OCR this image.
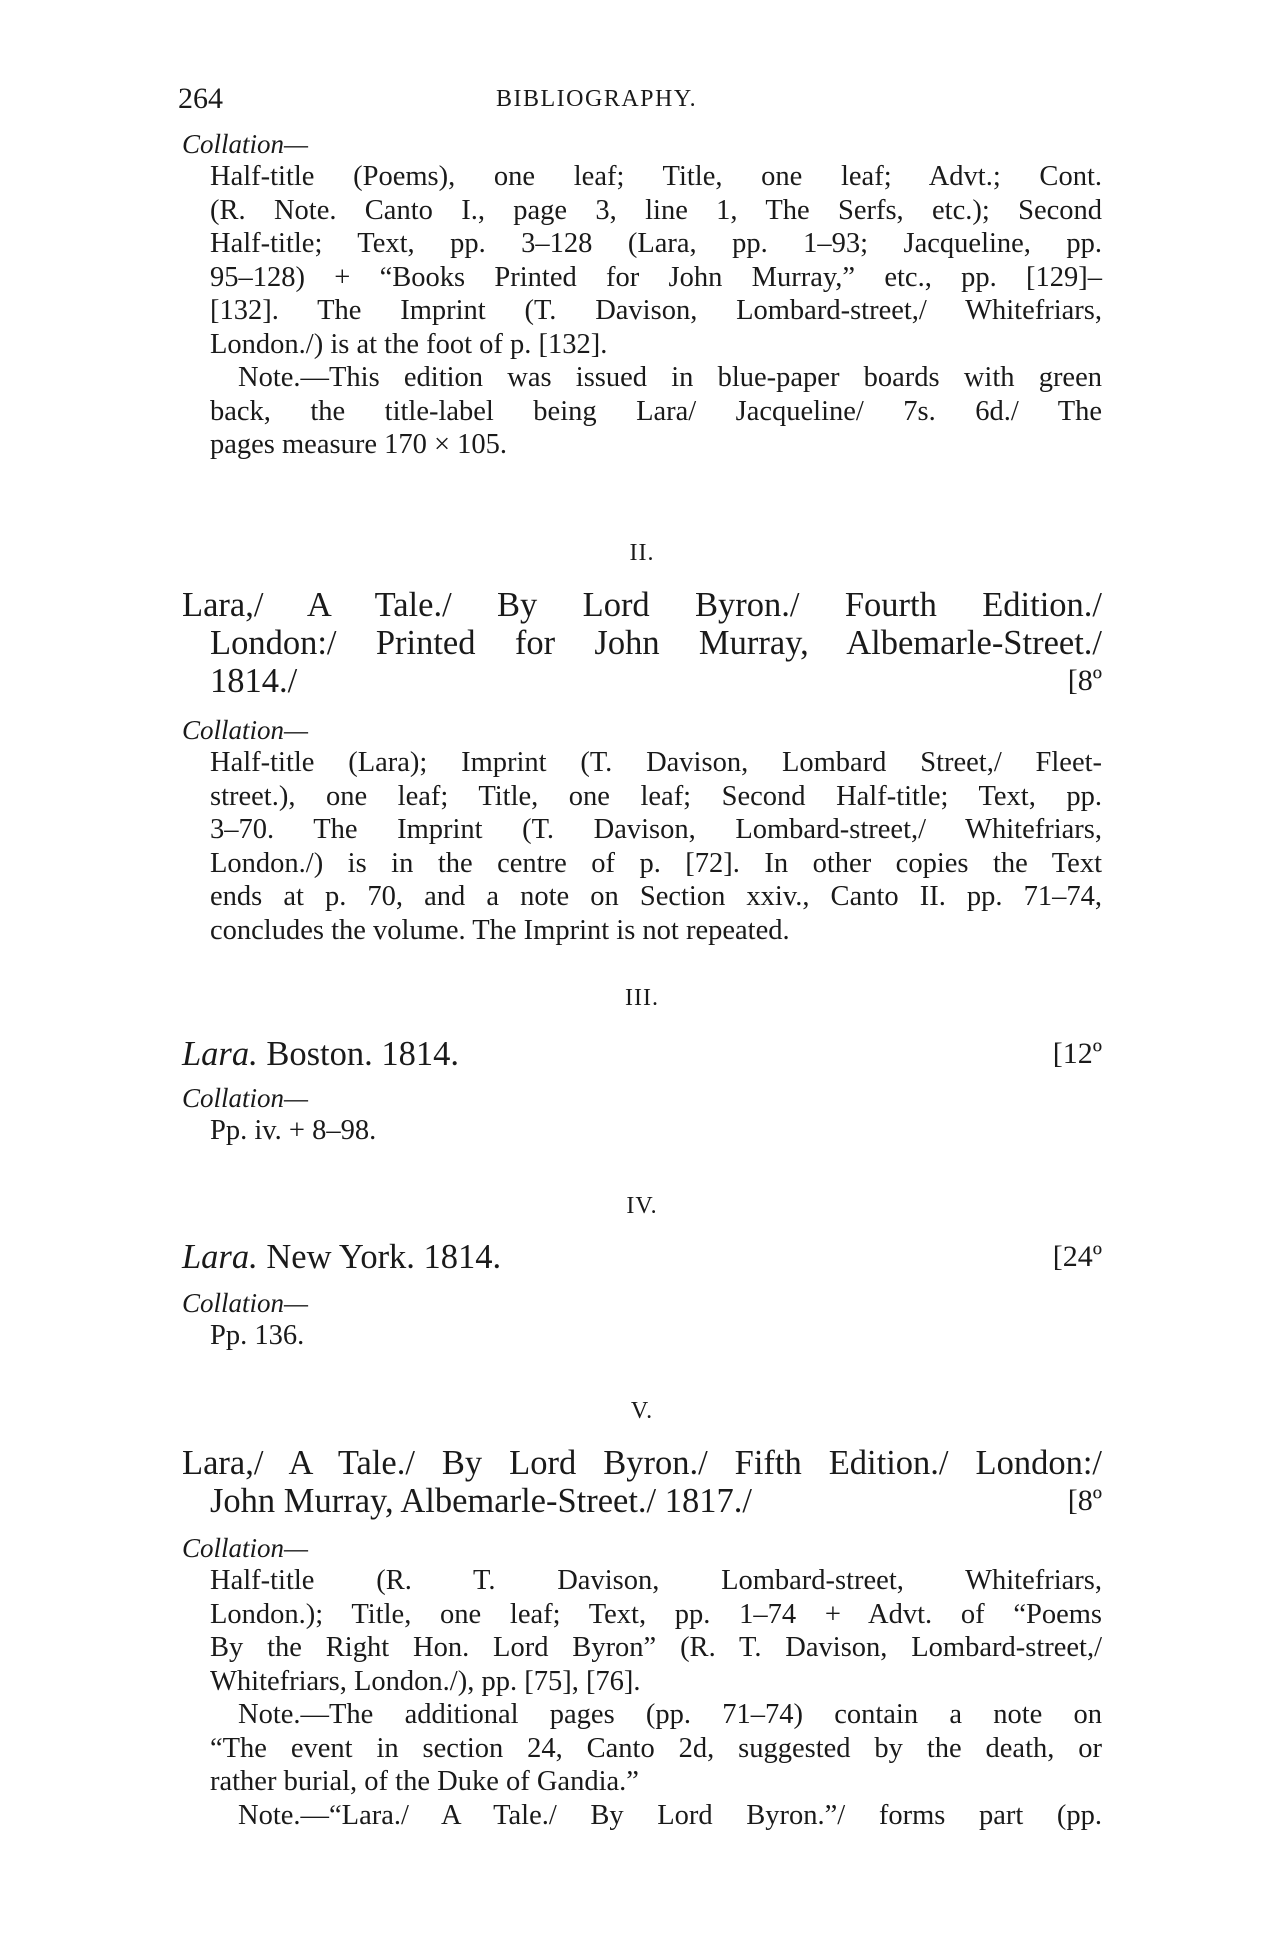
264	BIBLIOGRAPHY.
Collation—
Half-title (Poems), one leaf; Title, one leaf; Advt.; Cont.
(R. Note. Canto I., page 3, line 1, The Serfs, etc.); Second
Half-title; Text, pp. 3–128 (Lara, pp. 1–93; Jacqueline, pp.
95–128) + “Books Printed for John Murray,” etc., pp. [129]–
[132]. The Imprint (T. Davison, Lombard-street,/ Whitefriars,
London./) is at the foot of p. [132].
Note.—This edition was issued in blue-paper boards with green
back, the title-label being Lara/ Jacqueline/ 7s. 6d./ The
pages measure 170 × 105.
II.
Lara,/ A Tale./ By Lord Byron./ Fourth Edition./
London:/ Printed for John Murray, Albemarle-Street./
1814./	[8º
Collation—
Half-title (Lara); Imprint (T. Davison, Lombard Street,/ Fleet-
street.), one leaf; Title, one leaf; Second Half-title; Text, pp.
3–70. The Imprint (T. Davison, Lombard-street,/ Whitefriars,
London./) is in the centre of p. [72]. In other copies the Text
ends at p. 70, and a note on Section xxiv., Canto II. pp. 71–74,
concludes the volume. The Imprint is not repeated.
III.
Lara. Boston. 1814.	[12º
Collation—
Pp. iv. + 8–98.
IV.
Lara. New York. 1814.	[24º
Collation—
Pp. 136.
V.
Lara,/ A Tale./ By Lord Byron./ Fifth Edition./ London:/
John Murray, Albemarle-Street./ 1817./	[8º
Collation—
Half-title (R. T. Davison, Lombard-street, Whitefriars,
London.); Title, one leaf; Text, pp. 1–74 + Advt. of “Poems
By the Right Hon. Lord Byron” (R. T. Davison, Lombard-street,/
Whitefriars, London./), pp. [75], [76].
Note.—The additional pages (pp. 71–74) contain a note on
“The event in section 24, Canto 2d, suggested by the death, or
rather burial, of the Duke of Gandia.”
Note.—“Lara./ A Tale./ By Lord Byron.”/ forms part (pp.
